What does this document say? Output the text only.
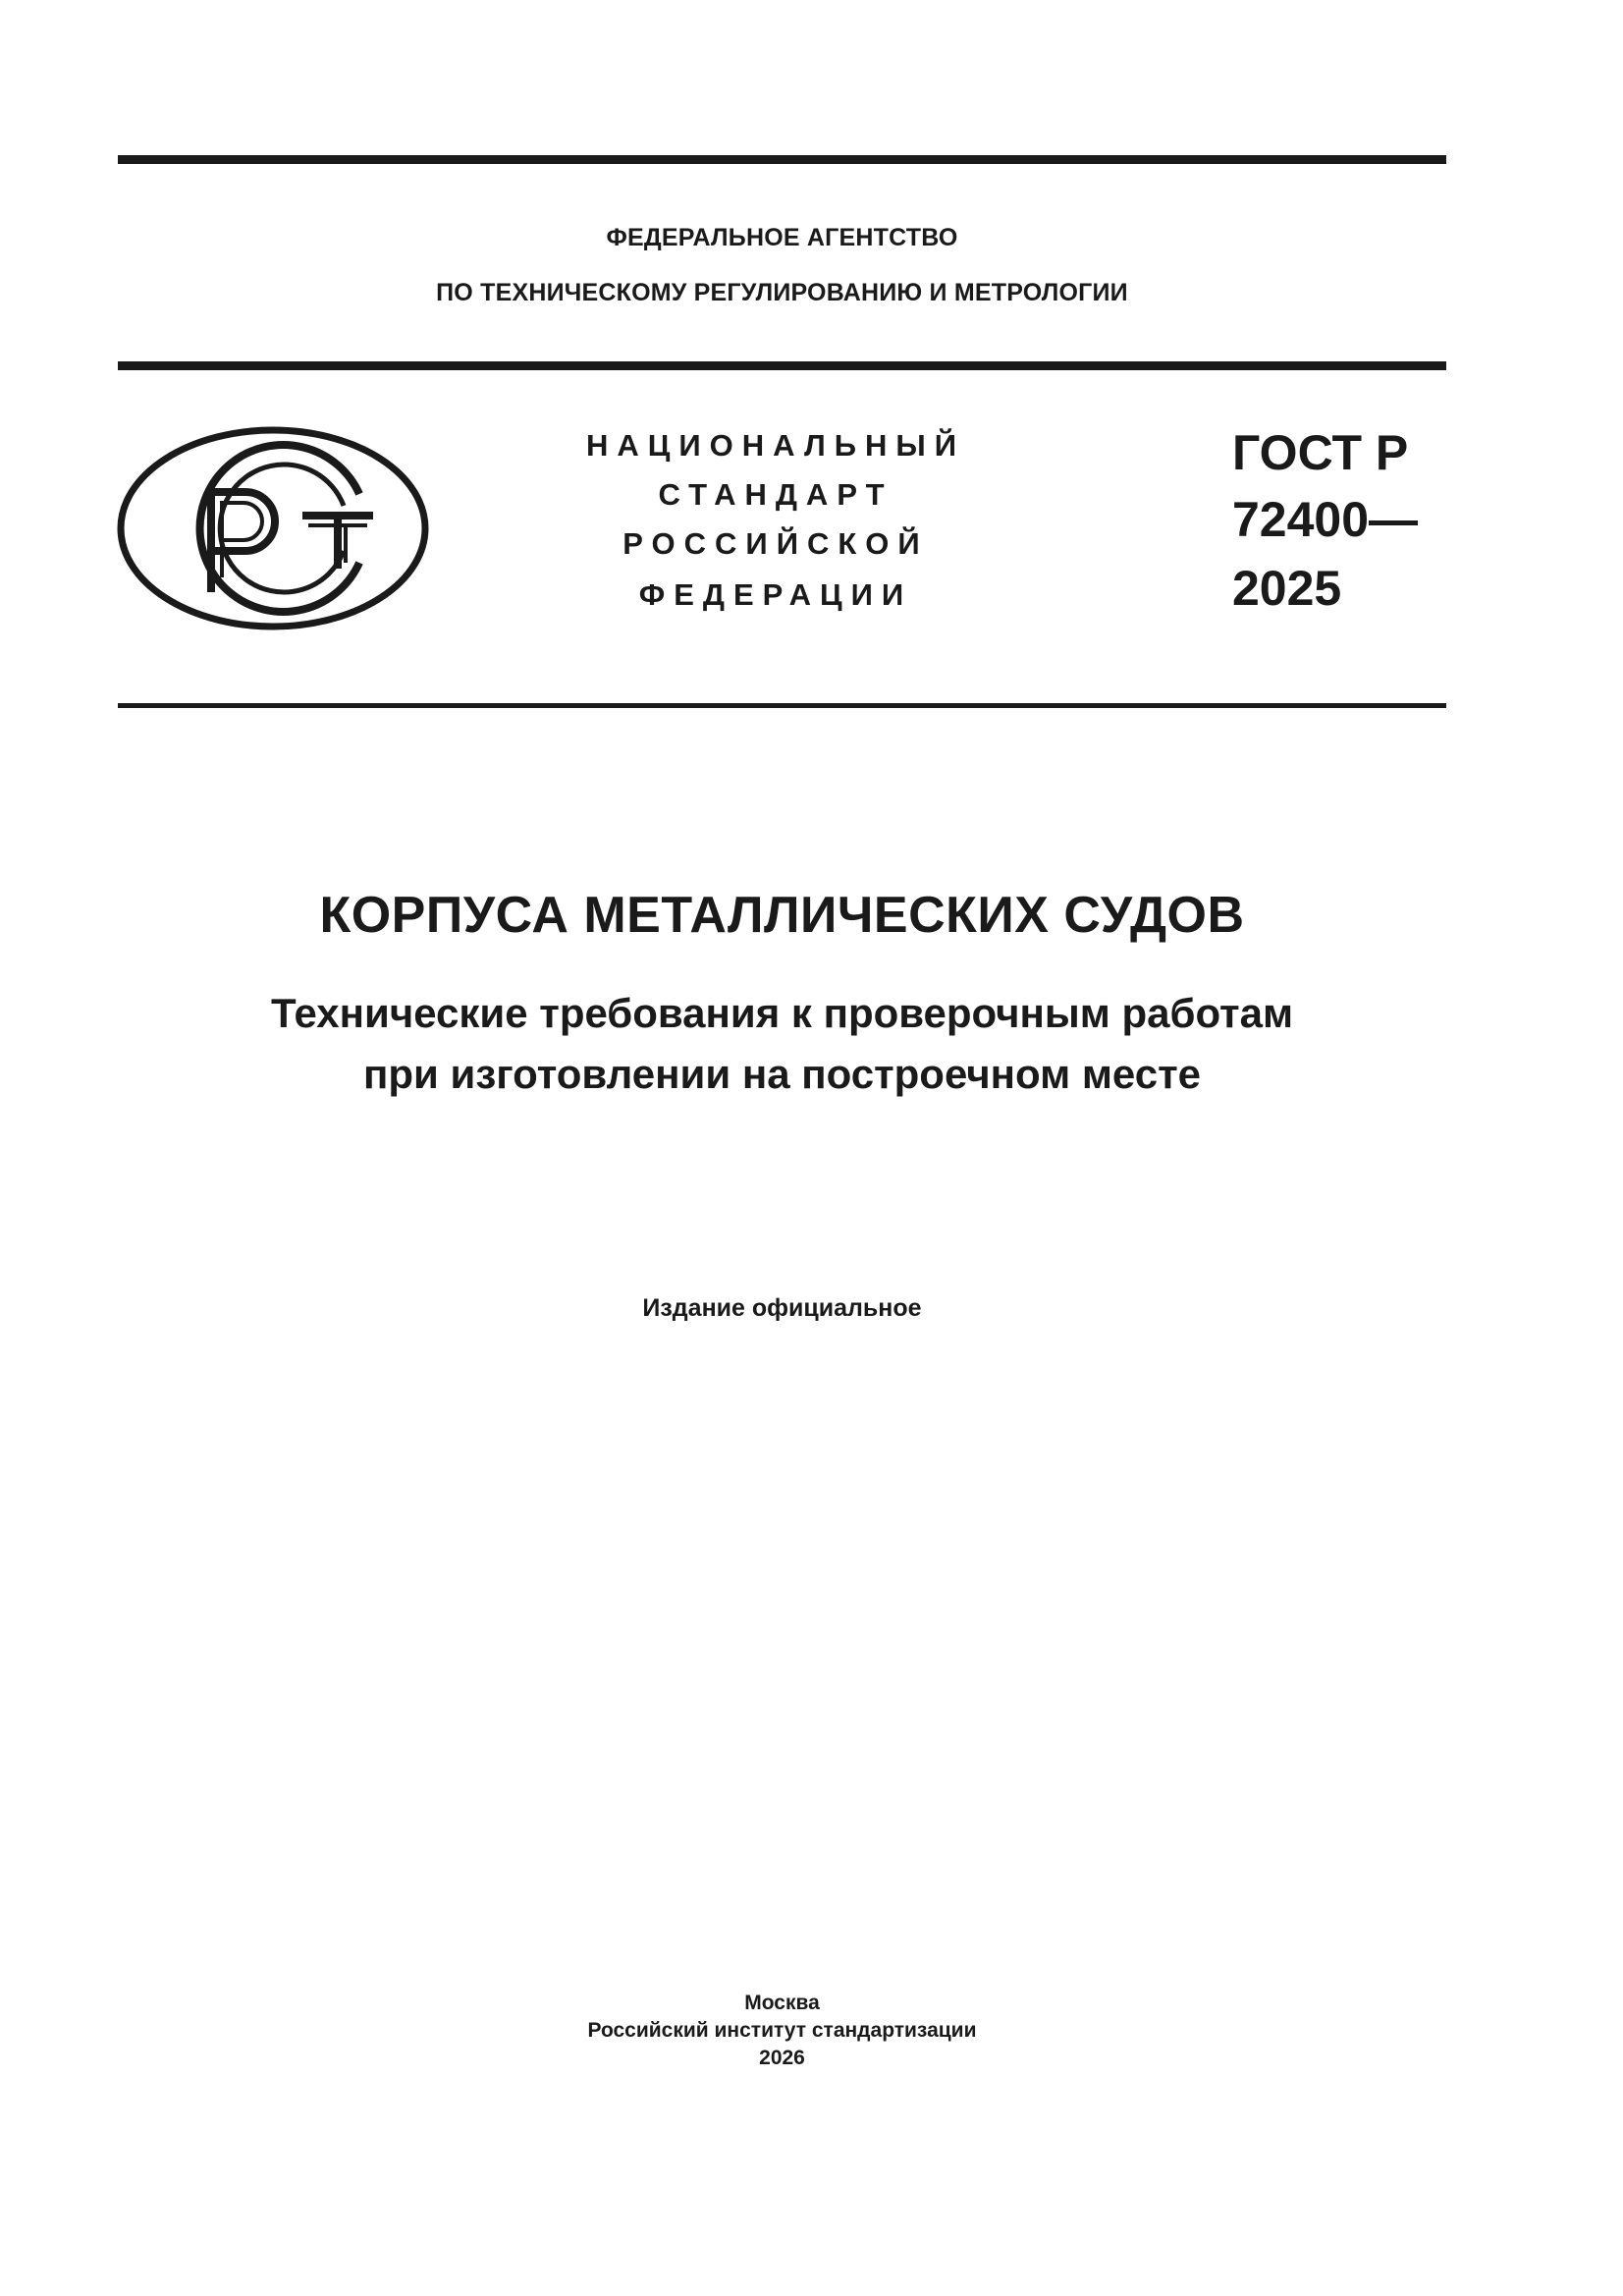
ФЕДЕРАЛЬНОЕ АГЕНТСТВО
ПО ТЕХНИЧЕСКОМУ РЕГУЛИРОВАНИЮ И МЕТРОЛОГИИ
НАЦИОНАЛЬНЫЙ
СТАНДАРТ
РОССИЙСКОЙ
ФЕДЕРАЦИИ
ГОСТ Р
72400—
2025
КОРПУСА МЕТАЛЛИЧЕСКИХ СУДОВ
Технические требования к проверочным работам
при изготовлении на построечном месте
Издание официальное
Москва
Российский институт стандартизации
2026
